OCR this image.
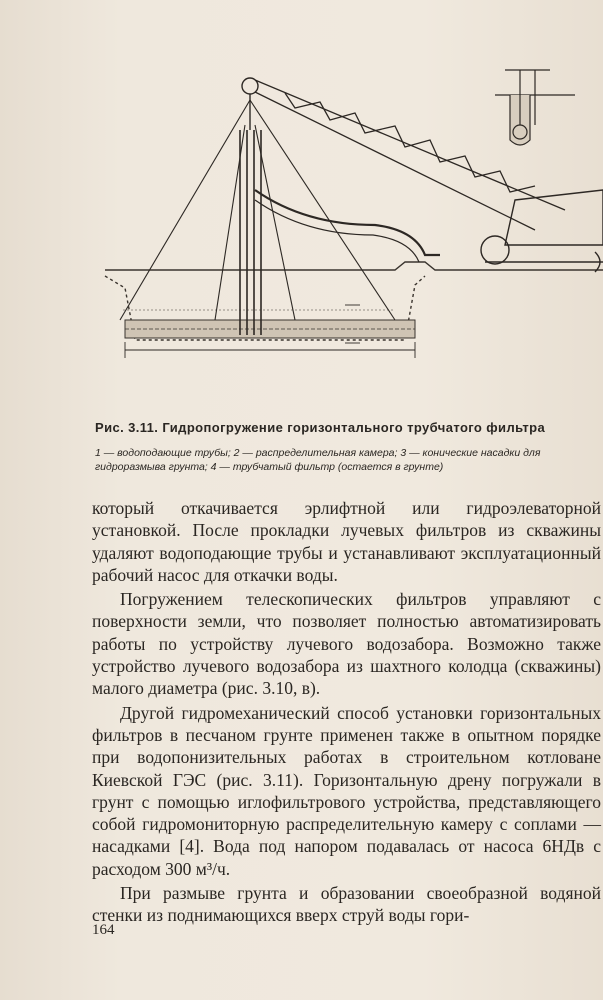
Рис. 3.11. Гидропогружение горизонтального трубчатого фильтра
1 — водоподающие трубы; 2 — распределительная камера; 3 — конические насадки для гидроразмыва грунта; 4 — трубчатый фильтр (остается в грунте)

который откачивается эрлифтной или гидроэлеваторной установкой. После прокладки лучевых фильтров из скважины удаляют водоподающие трубы и устанавливают эксплуатационный рабочий насос для откачки воды.

Погружением телескопических фильтров управляют с поверхности земли, что позволяет полностью автоматизировать работы по устройству лучевого водозабора. Возможно также устройство лучевого водозабора из шахтного колодца (скважины) малого диаметра (рис. 3.10, в).

Другой гидромеханический способ установки горизонтальных фильтров в песчаном грунте применен также в опытном порядке при водопонизительных работах в строительном котловане Киевской ГЭС (рис. 3.11). Горизонтальную дрену погружали в грунт с помощью иглофильтрового устройства, представляющего собой гидромониторную распределительную камеру с соплами — насадками [4]. Вода под напором подавалась от насоса 6НДв с расходом 300 м³/ч.

При размыве грунта и образовании своеобразной водяной стенки из поднимающихся вверх струй воды гори-

164
